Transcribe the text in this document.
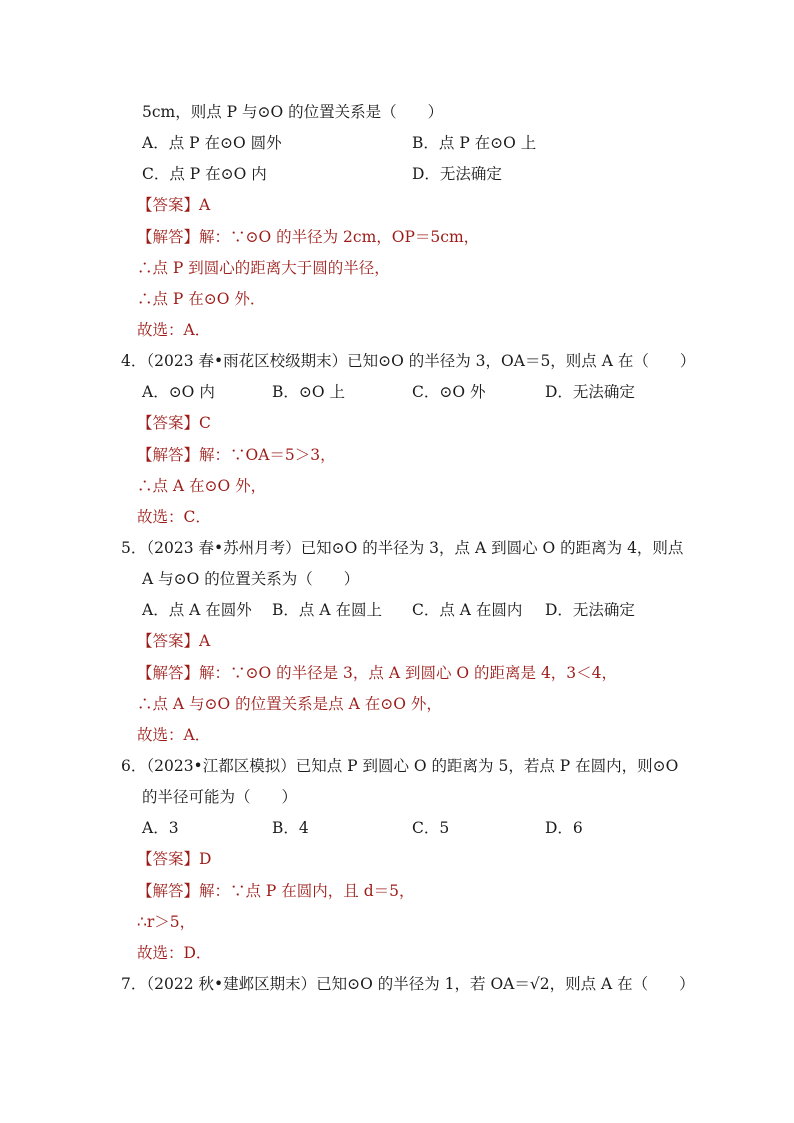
5cm，则点 P 与⊙O 的位置关系是（　　）
A．点 P 在⊙O 圆外	B．点 P 在⊙O 上
C．点 P 在⊙O 内	D．无法确定
【答案】A
【解答】解：∵⊙O 的半径为 2cm，OP＝5cm，
∴点 P 到圆心的距离大于圆的半径，
∴点 P 在⊙O 外．
故选：A．
4．（2023 春•雨花区校级期末）已知⊙O 的半径为 3，OA＝5，则点 A 在（　　）
A．⊙O 内	B．⊙O 上	C．⊙O 外	D．无法确定
【答案】C
【解答】解：∵OA＝5＞3，
∴点 A 在⊙O 外，
故选：C．
5．（2023 春•苏州月考）已知⊙O 的半径为 3，点 A 到圆心 O 的距离为 4，则点
A 与⊙O 的位置关系为（　　）
A．点 A 在圆外 B．点 A 在圆上 C．点 A 在圆内 D．无法确定
【答案】A
【解答】解：∵⊙O 的半径是 3，点 A 到圆心 O 的距离是 4，3＜4，
∴点 A 与⊙O 的位置关系是点 A 在⊙O 外，
故选：A．
6．（2023•江都区模拟）已知点 P 到圆心 O 的距离为 5，若点 P 在圆内，则⊙O
的半径可能为（　　）
A．3	B．4	C．5	D．6
【答案】D
【解答】解：∵点 P 在圆内，且 d＝5，
∴r＞5，
故选：D．
7．（2022 秋•建邺区期末）已知⊙O 的半径为 1，若 OA＝√2，则点 A 在（　　）
